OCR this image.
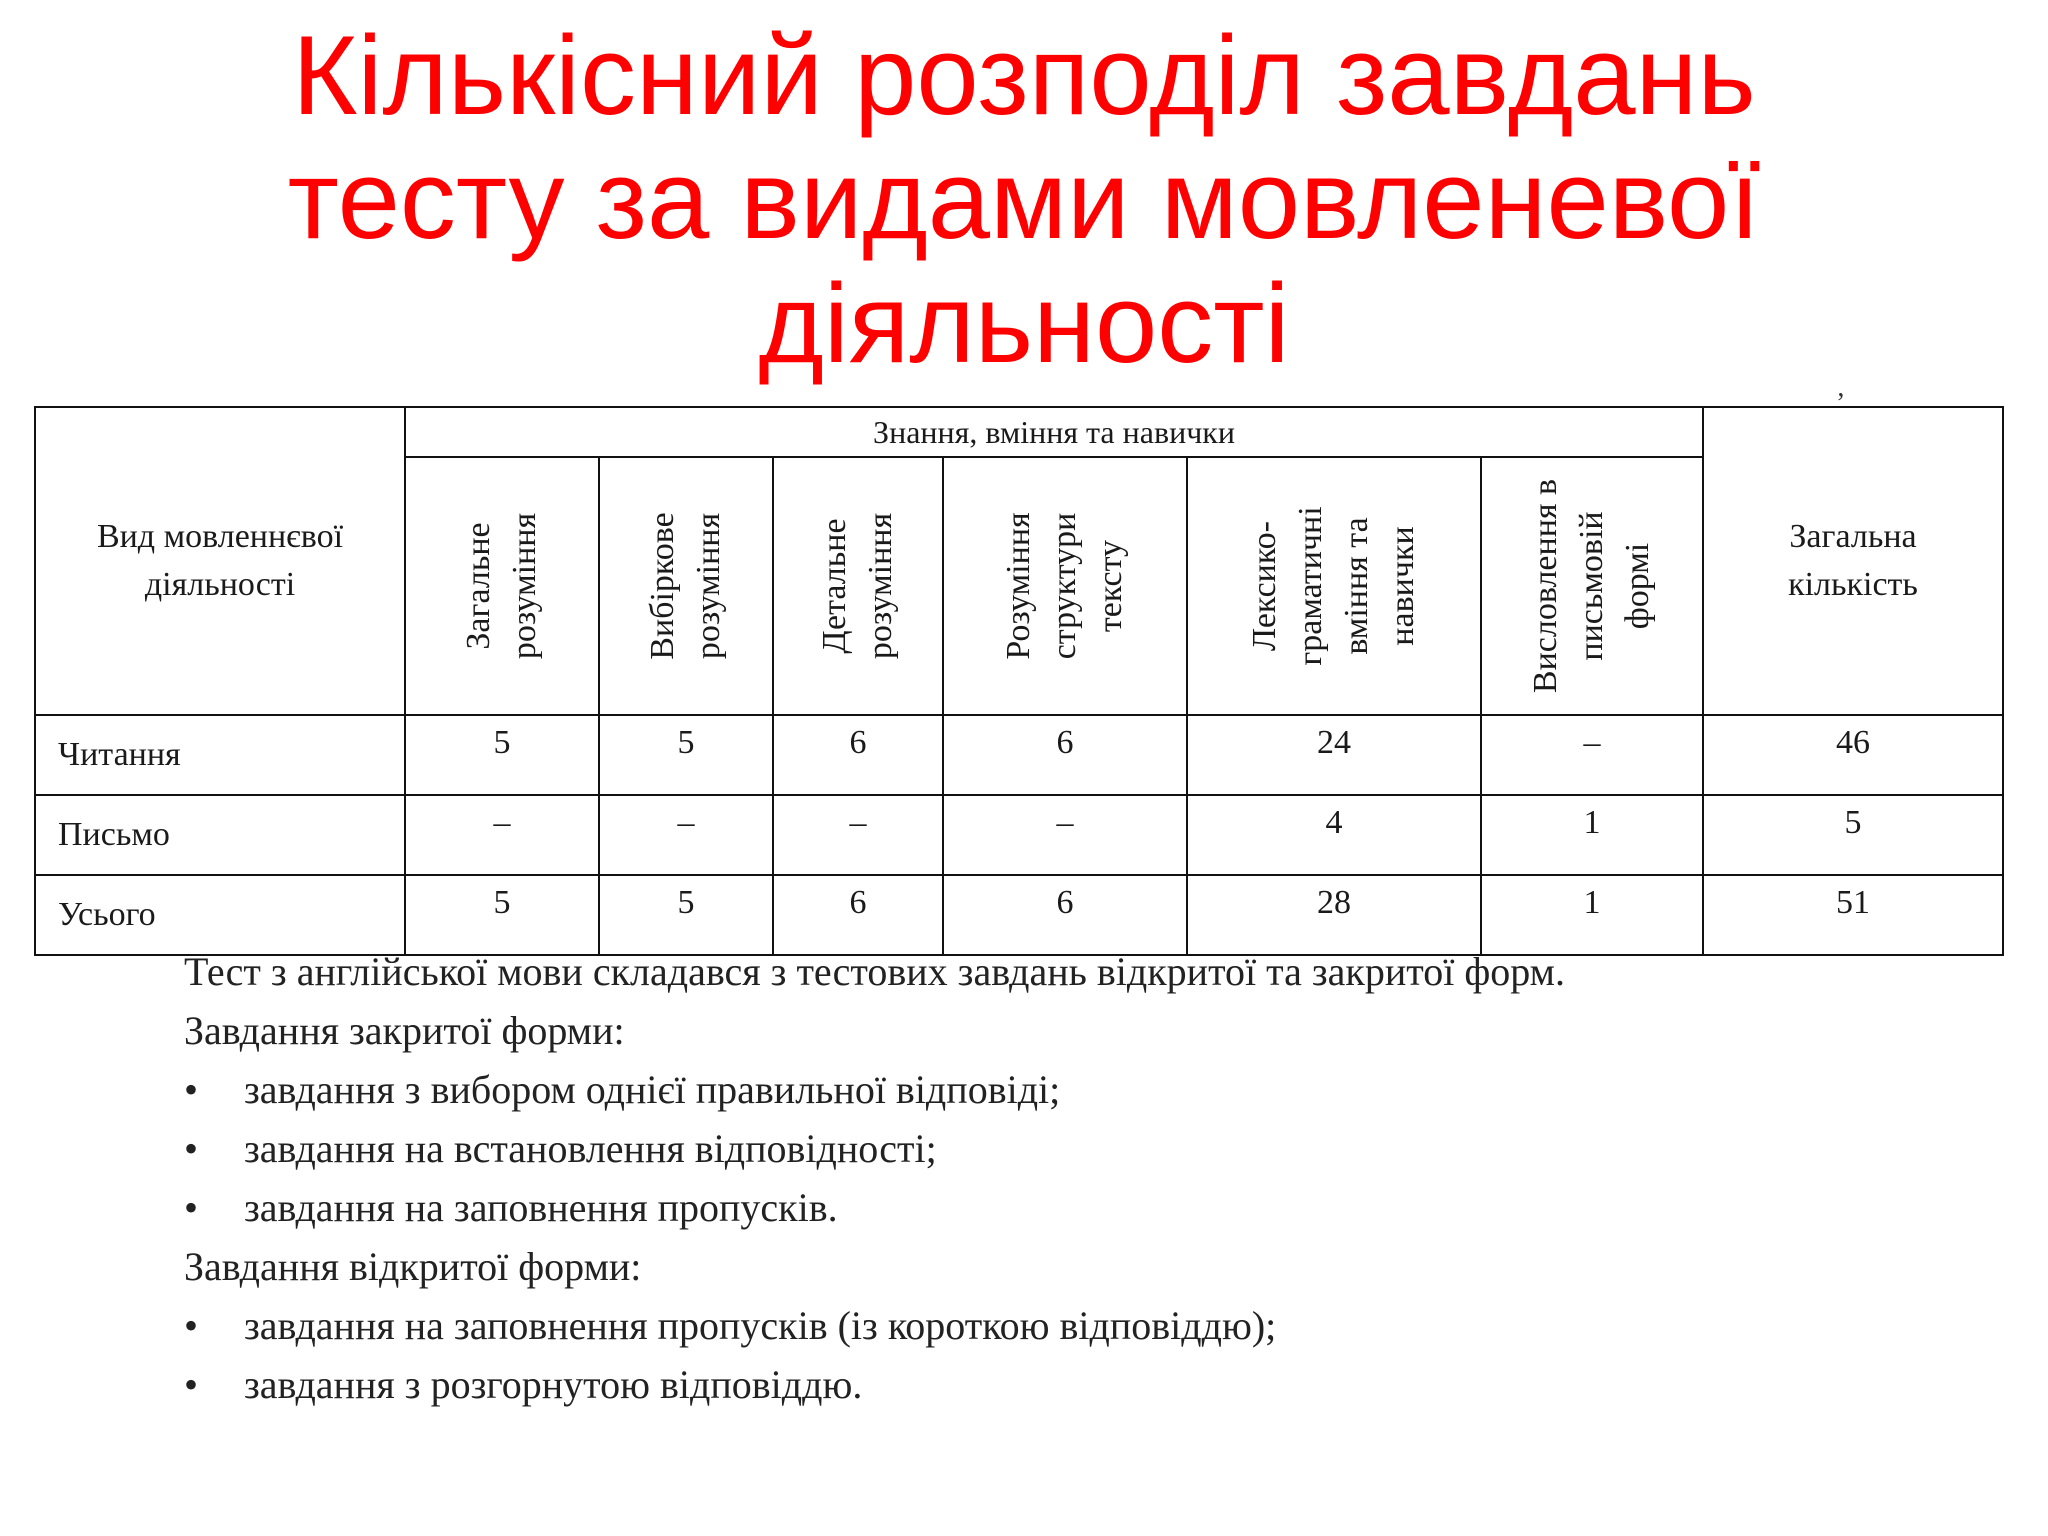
Кількісний розподіл завдань
тесту за видами мовленевої
діяльності
’
Вид мовленнєвої
діяльності	Знання, вміння та навички						Загальна
кількість

	Загальне
розуміння	Вибіркове
розуміння	Детальне
розуміння	Розуміння
структури
тексту	Лексико-
граматичні
вміння та
навички	Висловлення в
письмовій
формі	

Читання	5	5	6	6	24	–	46
Письмо	–	–	–	–	4	1	5
Усього	5	5	6	6	28	1	51

Тест з англійської мови складався з тестових завдань відкритої та закритої форм.

Завдання закритої форми:

• завдання з вибором однієї правильної відповіді;
• завдання на встановлення відповідності;
• завдання на заповнення пропусків.

Завдання відкритої форми:

• завдання на заповнення пропусків (із короткою відповіддю);
• завдання з розгорнутою відповіддю.
